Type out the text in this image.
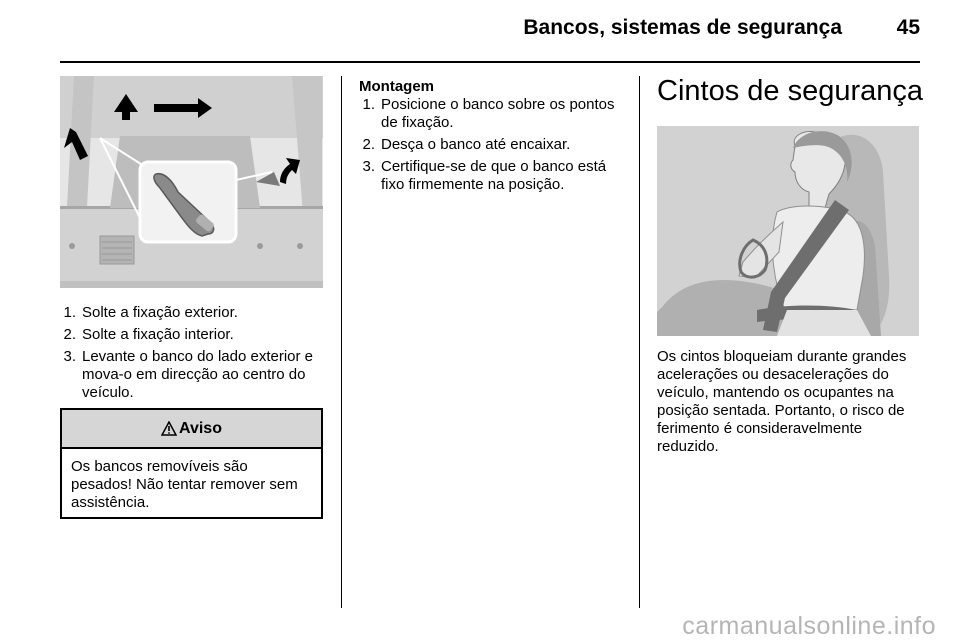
Bancos, sistemas de segurança	45
1. Solte a fixação exterior.
2. Solte a fixação interior.
3. Levante o banco do lado exterior e mova-o em direcção ao centro do veículo.
Aviso
Os bancos removíveis são pesados! Não tentar remover sem assistência.
Montagem
1. Posicione o banco sobre os pontos de fixação.
2. Desça o banco até encaixar.
3. Certifique-se de que o banco está fixo firmemente na posição.
Cintos de segurança
Os cintos bloqueiam durante grandes acelerações ou desacelerações do veículo, mantendo os ocupantes na posição sentada. Portanto, o risco de ferimento é consideravelmente reduzido.
carmanualsonline.info
